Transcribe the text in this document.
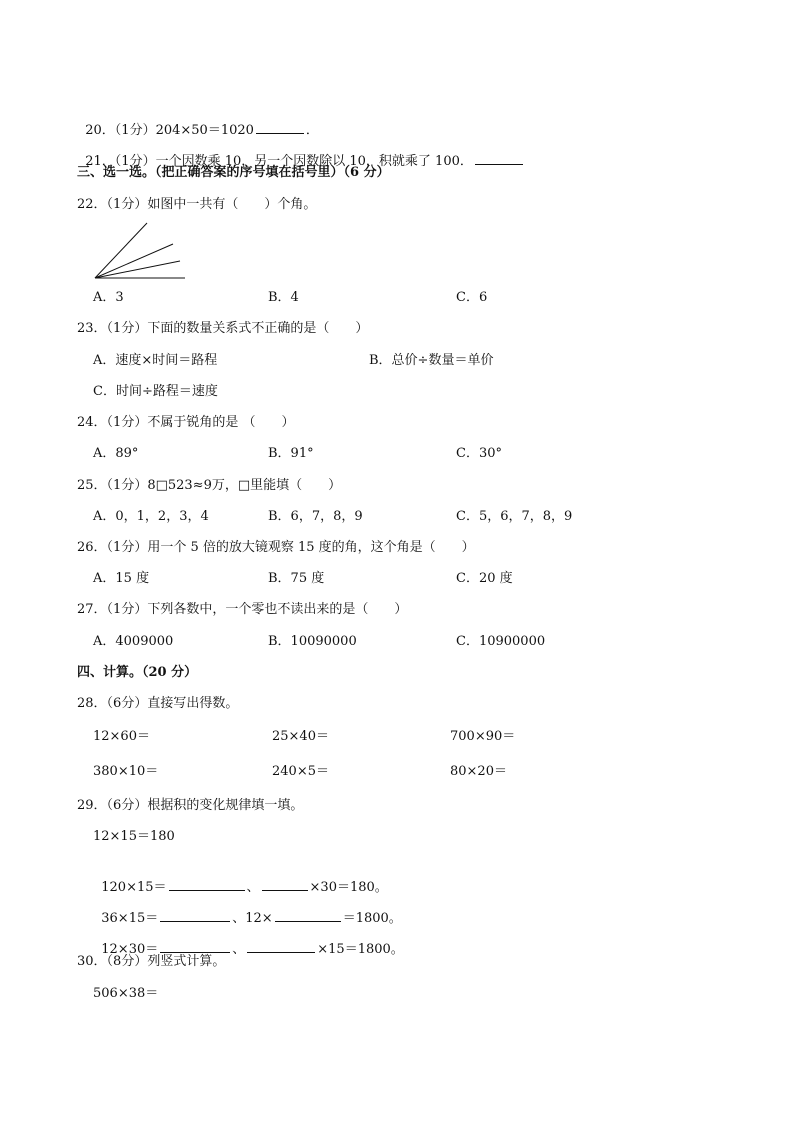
20．（1分）204×50＝1020	．

21．（1分）一个因数乘 10，另一个因数除以 10，积就乘了 100．

三、选一选。（把正确答案的序号填在括号里）（6 分）
22．（1分）如图中一共有（　　）个角。
A．3	B．4	C．6
23．（1分）下面的数量关系式不正确的是（　　）
A．速度×时间＝路程	B．总价÷数量＝单价
C．时间÷路程＝速度
24．（1分）不属于锐角的是 （　　）
A．89°	B．91°	C．30°
25．（1分）8□523≈9万，□里能填（　　）
A．0，1，2，3，4	B．6，7，8，9	C．5，6，7，8，9
26．（1分）用一个 5 倍的放大镜观察 15 度的角，这个角是（　　）
A．15 度	B．75 度	C．20 度
27．（1分）下列各数中，一个零也不读出来的是（　　）
A．4009000	B．10090000	C．10900000
四、计算。（20 分）
28．（6分）直接写出得数。
12×60＝	25×40＝	700×90＝
380×10＝	240×5＝	80×20＝
29．（6分）根据积的变化规律填一填。
12×15＝180

120×15＝	、	×30＝180。

36×15＝	、12×	＝1800。

12×30＝	、	×15＝1800。

30．（8分）列竖式计算。
506×38＝
